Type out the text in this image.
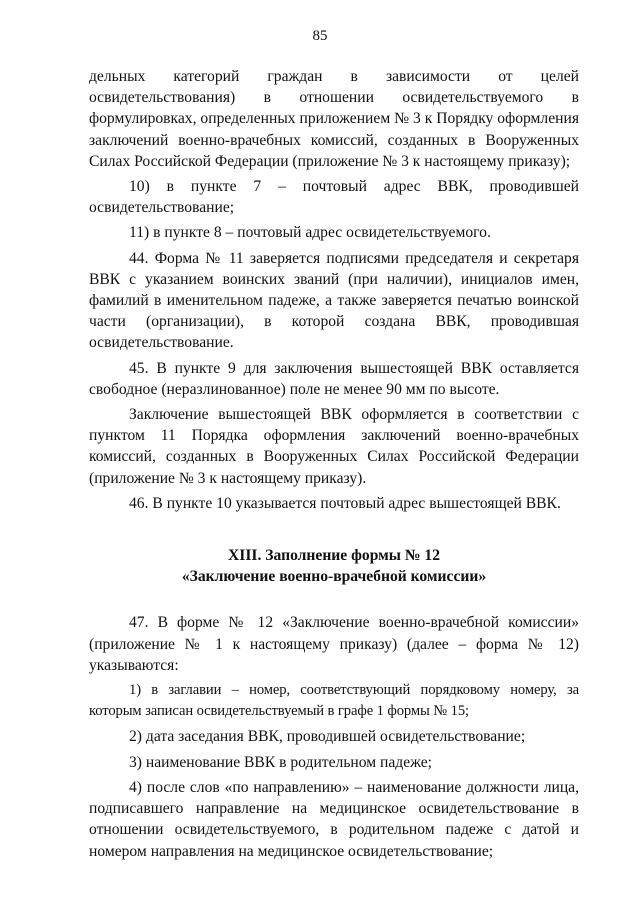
85

дельных категорий граждан в зависимости от целей освидетельствования) в отношении освидетельствуемого в формулировках, определенных приложением № 3 к Порядку оформления заключений военно-врачебных комиссий, созданных в Вооруженных Силах Российской Федерации (приложение № 3 к настоящему приказу);

10) в пункте 7 – почтовый адрес ВВК, проводившей освидетельствование;

11) в пункте 8 – почтовый адрес освидетельствуемого.

44. Форма № 11 заверяется подписями председателя и секретаря ВВК с указанием воинских званий (при наличии), инициалов имен, фамилий в именительном падеже, а также заверяется печатью воинской части (организации), в которой создана ВВК, проводившая освидетельствование.

45. В пункте 9 для заключения вышестоящей ВВК оставляется свободное (неразлинованное) поле не менее 90 мм по высоте.

Заключение вышестоящей ВВК оформляется в соответствии с пунктом 11 Порядка оформления заключений военно-врачебных комиссий, созданных в Вооруженных Силах Российской Федерации (приложение № 3 к настоящему приказу).

46. В пункте 10 указывается почтовый адрес вышестоящей ВВК.

XIII. Заполнение формы № 12
«Заключение военно-врачебной комиссии»

47. В форме № 12 «Заключение военно-врачебной комиссии» (приложение № 1 к настоящему приказу) (далее – форма № 12) указываются:

1) в заглавии – номер, соответствующий порядковому номеру, за которым записан освидетельствуемый в графе 1 формы № 15;

2) дата заседания ВВК, проводившей освидетельствование;

3) наименование ВВК в родительном падеже;

4) после слов «по направлению» – наименование должности лица, подписавшего направление на медицинское освидетельствование в отношении освидетельствуемого, в родительном падеже с датой и номером направления на медицинское освидетельствование;
